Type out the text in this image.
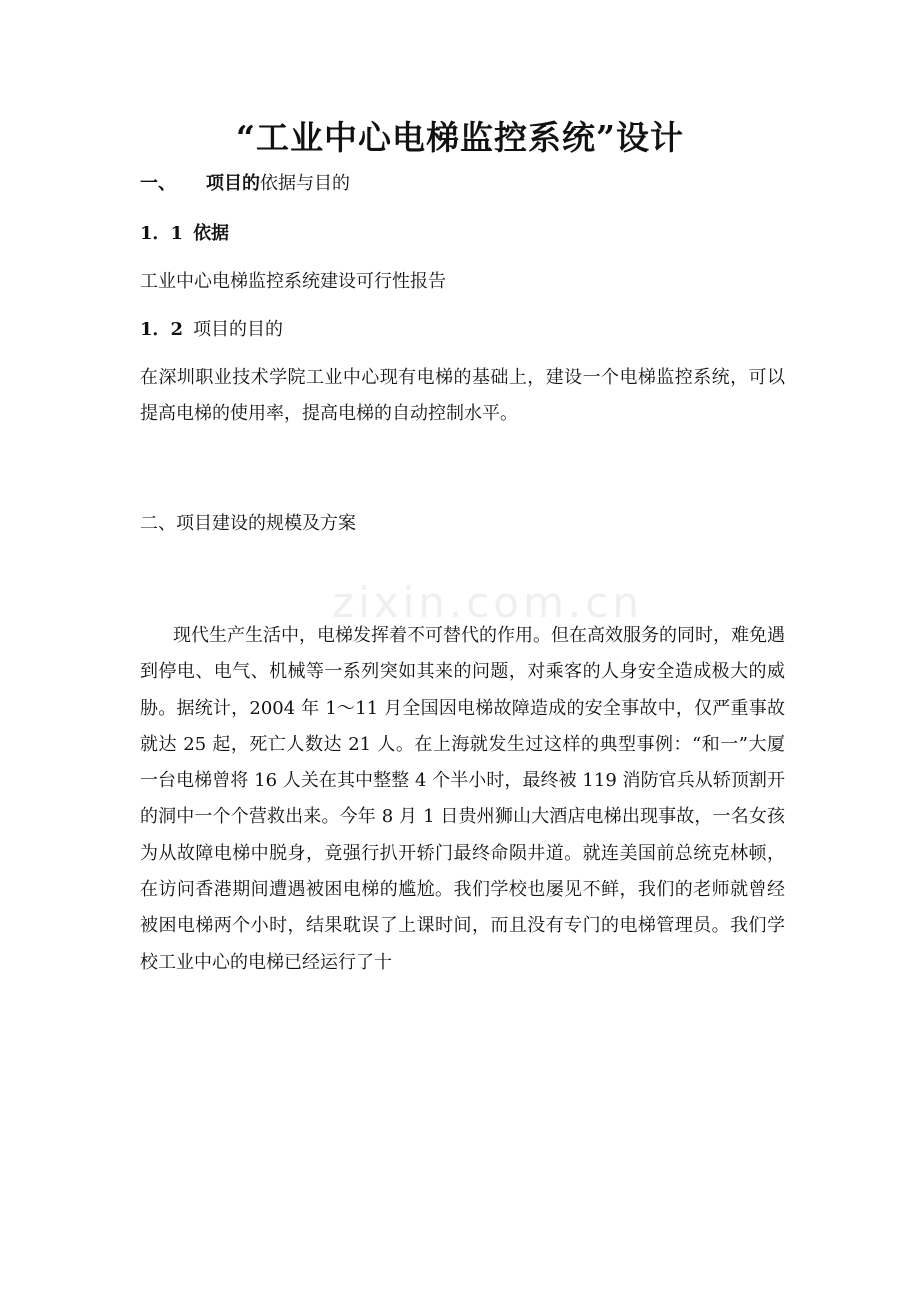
“工业中心电梯监控系统”设计
一、 项目的依据与目的
1．1 依据
工业中心电梯监控系统建设可行性报告
1．2 项目的目的
在深圳职业技术学院工业中心现有电梯的基础上，建设一个电梯监控系统，可以提高电梯的使用率，提高电梯的自动控制水平。
二、项目建设的规模及方案
zixin.com.cn
现代生产生活中，电梯发挥着不可替代的作用。但在高效服务的同时，难免遇到停电、电气、机械等一系列突如其来的问题，对乘客的人身安全造成极大的威胁。据统计，2004 年 1～11 月全国因电梯故障造成的安全事故中，仅严重事故就达 25 起，死亡人数达 21 人。在上海就发生过这样的典型事例：“和一”大厦一台电梯曾将 16 人关在其中整整 4 个半小时，最终被 119 消防官兵从轿顶割开的洞中一个个营救出来。今年 8 月 1 日贵州狮山大酒店电梯出现事故，一名女孩为从故障电梯中脱身，竟强行扒开轿门最终命陨井道。就连美国前总统克林顿，在访问香港期间遭遇被困电梯的尴尬。我们学校也屡见不鲜，我们的老师就曾经被困电梯两个小时，结果耽误了上课时间，而且没有专门的电梯管理员。我们学校工业中心的电梯已经运行了十
